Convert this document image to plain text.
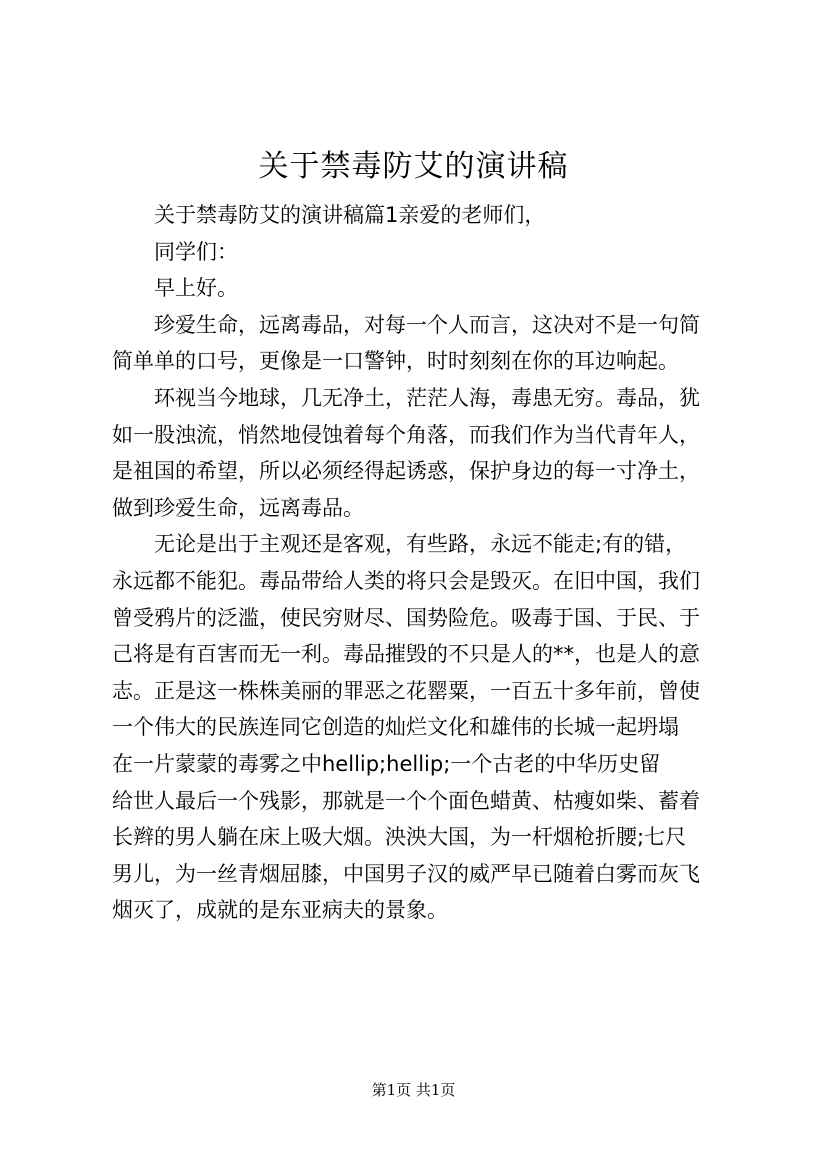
关于禁毒防艾的演讲稿
关于禁毒防艾的演讲稿篇1亲爱的老师们，
同学们：
早上好。
珍爱生命，远离毒品，对每一个人而言，这决对不是一句简
简单单的口号，更像是一口警钟，时时刻刻在你的耳边响起。
环视当今地球，几无净土，茫茫人海，毒患无穷。毒品，犹
如一股浊流，悄然地侵蚀着每个角落，而我们作为当代青年人，
是祖国的希望，所以必须经得起诱惑，保护身边的每一寸净土，
做到珍爱生命，远离毒品。
无论是出于主观还是客观，有些路，永远不能走;有的错，
永远都不能犯。毒品带给人类的将只会是毁灭。在旧中国，我们
曾受鸦片的泛滥，使民穷财尽、国势险危。吸毒于国、于民、于
己将是有百害而无一利。毒品摧毁的不只是人的**，也是人的意
志。正是这一株株美丽的罪恶之花罂粟，一百五十多年前，曾使
一个伟大的民族连同它创造的灿烂文化和雄伟的长城一起坍塌
在一片蒙蒙的毒雾之中hellip;hellip;一个古老的中华历史留
给世人最后一个残影，那就是一个个面色蜡黄、枯瘦如柴、蓄着
长辫的男人躺在床上吸大烟。泱泱大国，为一杆烟枪折腰;七尺
男儿，为一丝青烟屈膝，中国男子汉的威严早已随着白雾而灰飞
烟灭了，成就的是东亚病夫的景象。
第1页 共1页
